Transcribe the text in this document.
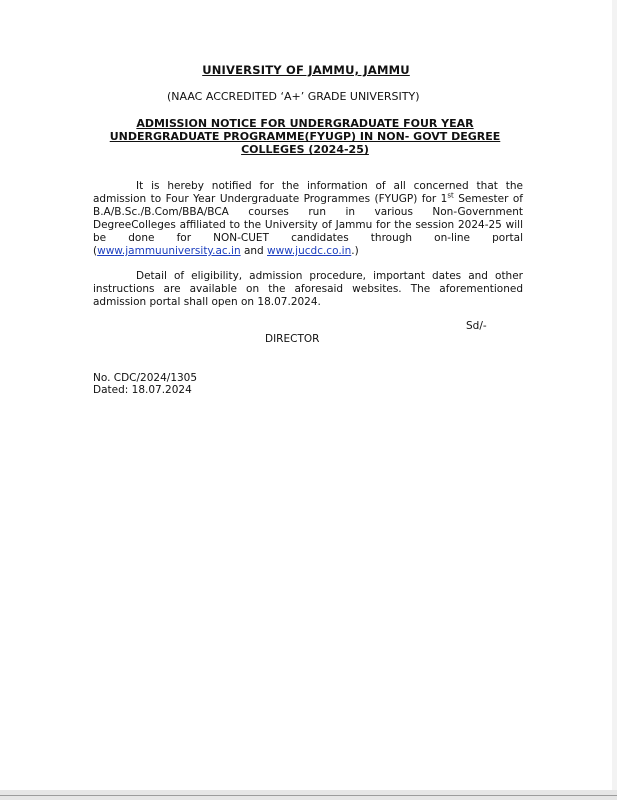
UNIVERSITY OF JAMMU, JAMMU
(NAAC ACCREDITED ‘A+’ GRADE UNIVERSITY)
ADMISSION NOTICE FOR UNDERGRADUATE FOUR YEAR UNDERGRADUATE PROGRAMME(FYUGP) IN NON- GOVT DEGREE COLLEGES (2024-25)
It is hereby notified for the information of all concerned that the admission to Four Year Undergraduate Programmes (FYUGP) for 1st Semester of B.A/B.Sc./B.Com/BBA/BCA courses run in various Non-Government DegreeColleges affiliated to the University of Jammu for the session 2024-25 will be done for NON-CUET candidates through on-line portal (www.jammuuniversity.ac.in and www.jucdc.co.in.)
Detail of eligibility, admission procedure, important dates and other instructions are available on the aforesaid websites. The aforementioned admission portal shall open on 18.07.2024.
Sd/-
DIRECTOR
No. CDC/2024/1305
Dated: 18.07.2024
